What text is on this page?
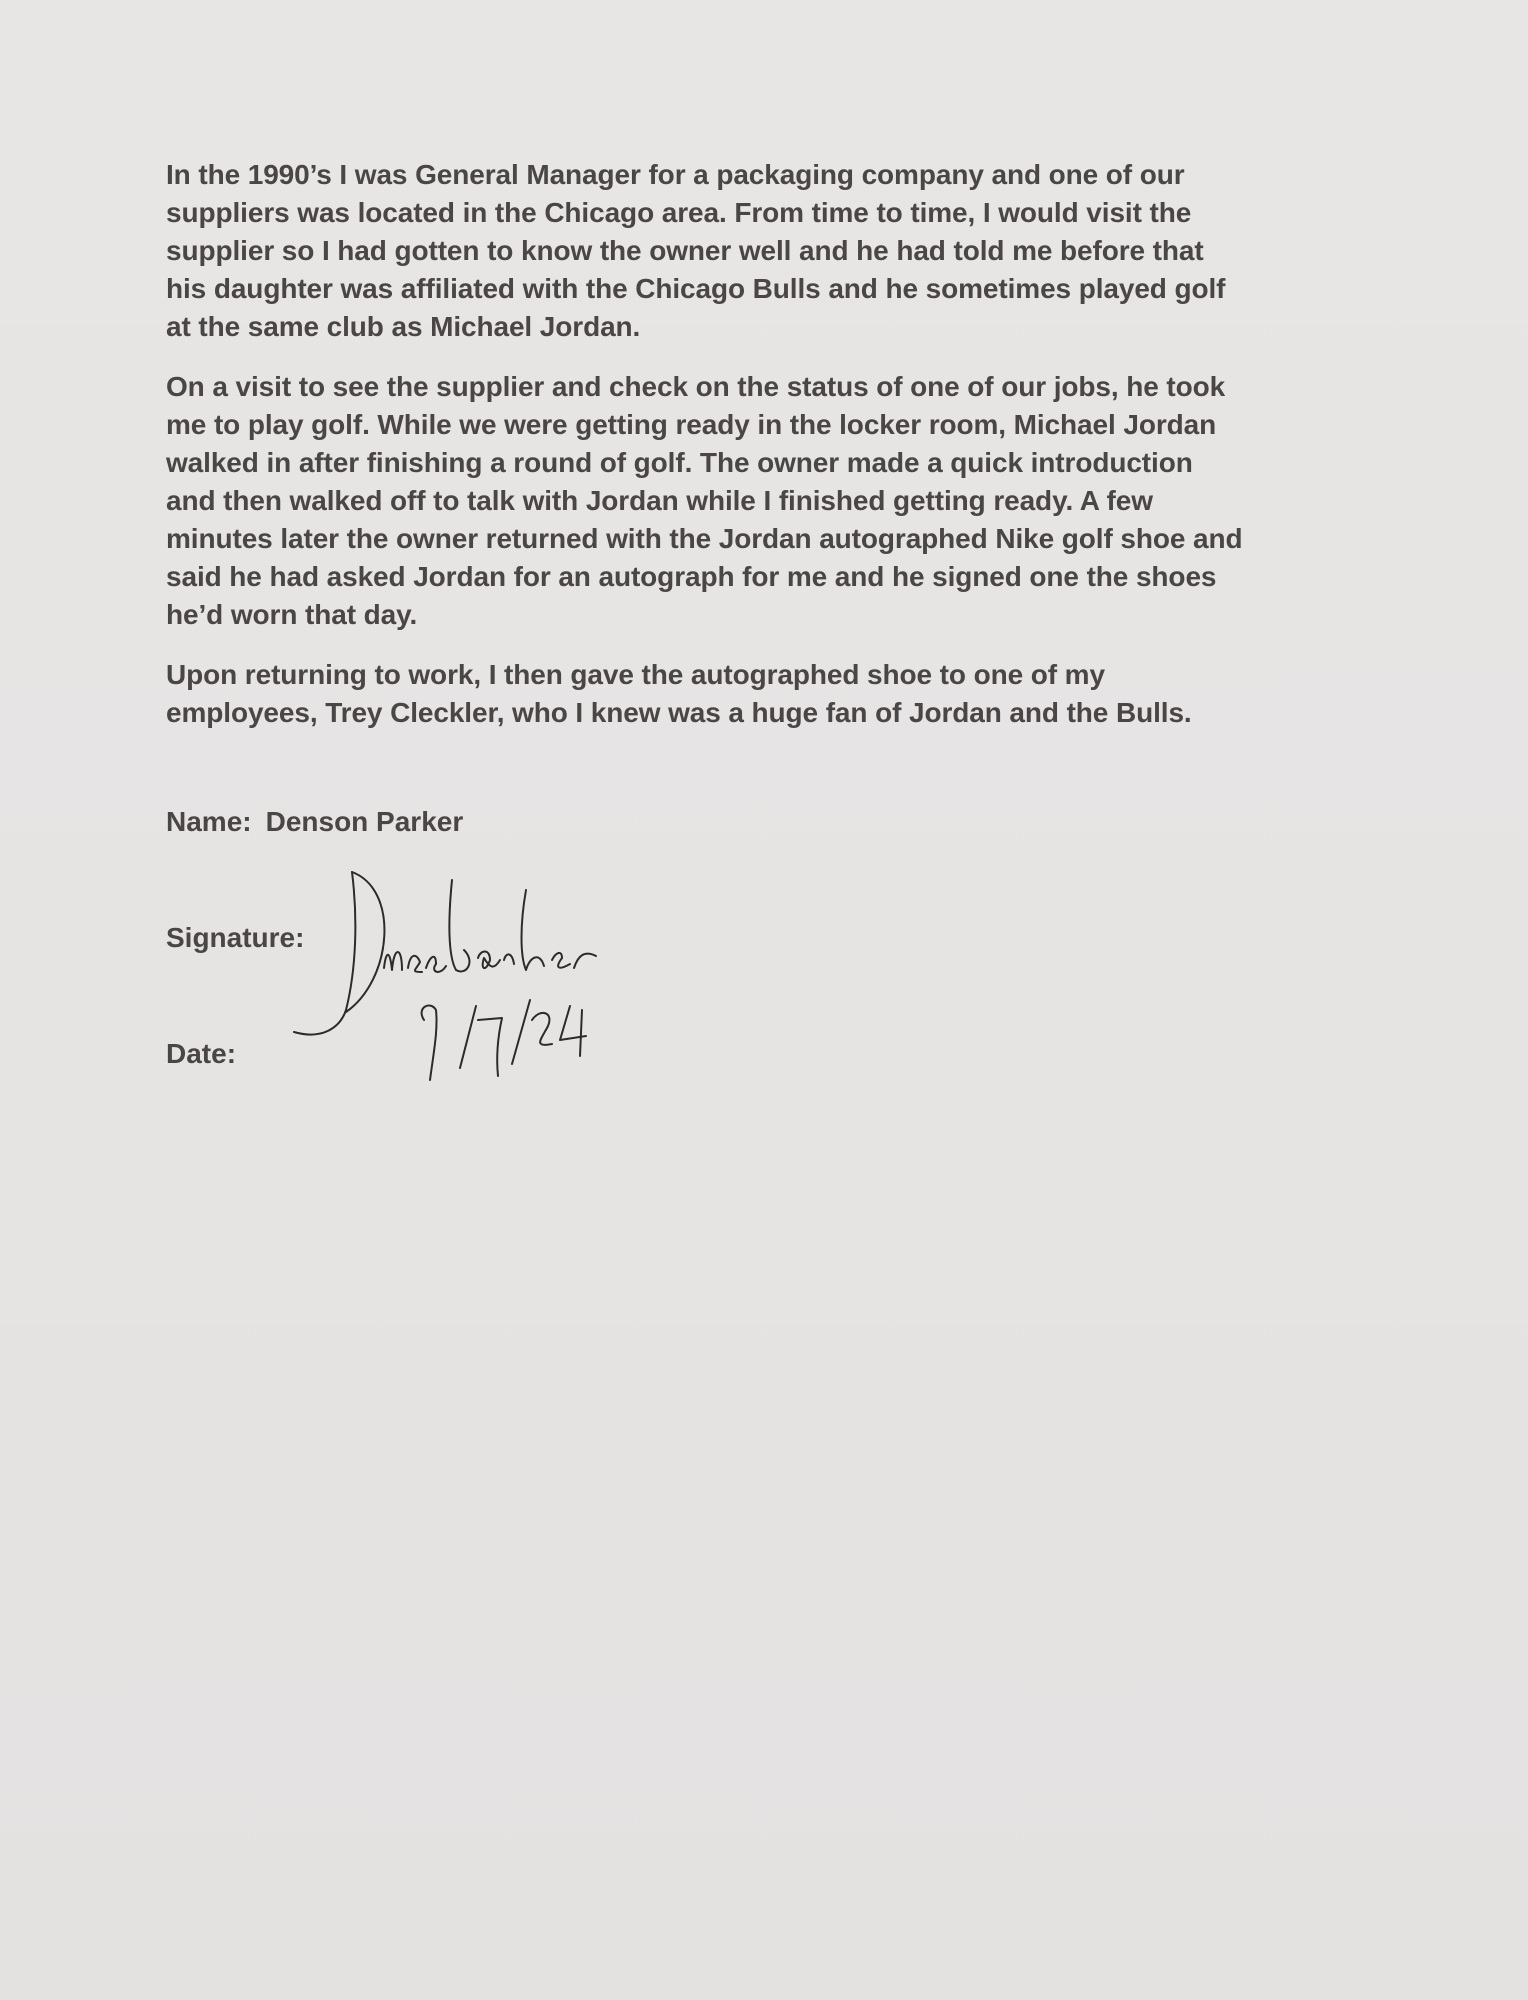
In the 1990’s I was General Manager for a packaging company and one of our
suppliers was located in the Chicago area. From time to time, I would visit the
supplier so I had gotten to know the owner well and he had told me before that
his daughter was affiliated with the Chicago Bulls and he sometimes played golf
at the same club as Michael Jordan.

On a visit to see the supplier and check on the status of one of our jobs, he took
me to play golf. While we were getting ready in the locker room, Michael Jordan
walked in after finishing a round of golf. The owner made a quick introduction
and then walked off to talk with Jordan while I finished getting ready. A few
minutes later the owner returned with the Jordan autographed Nike golf shoe and
said he had asked Jordan for an autograph for me and he signed one the shoes
he’d worn that day.

Upon returning to work, I then gave the autographed shoe to one of my
employees, Trey Cleckler, who I knew was a huge fan of Jordan and the Bulls.

Name: Denson Parker
Signature:
Date:
